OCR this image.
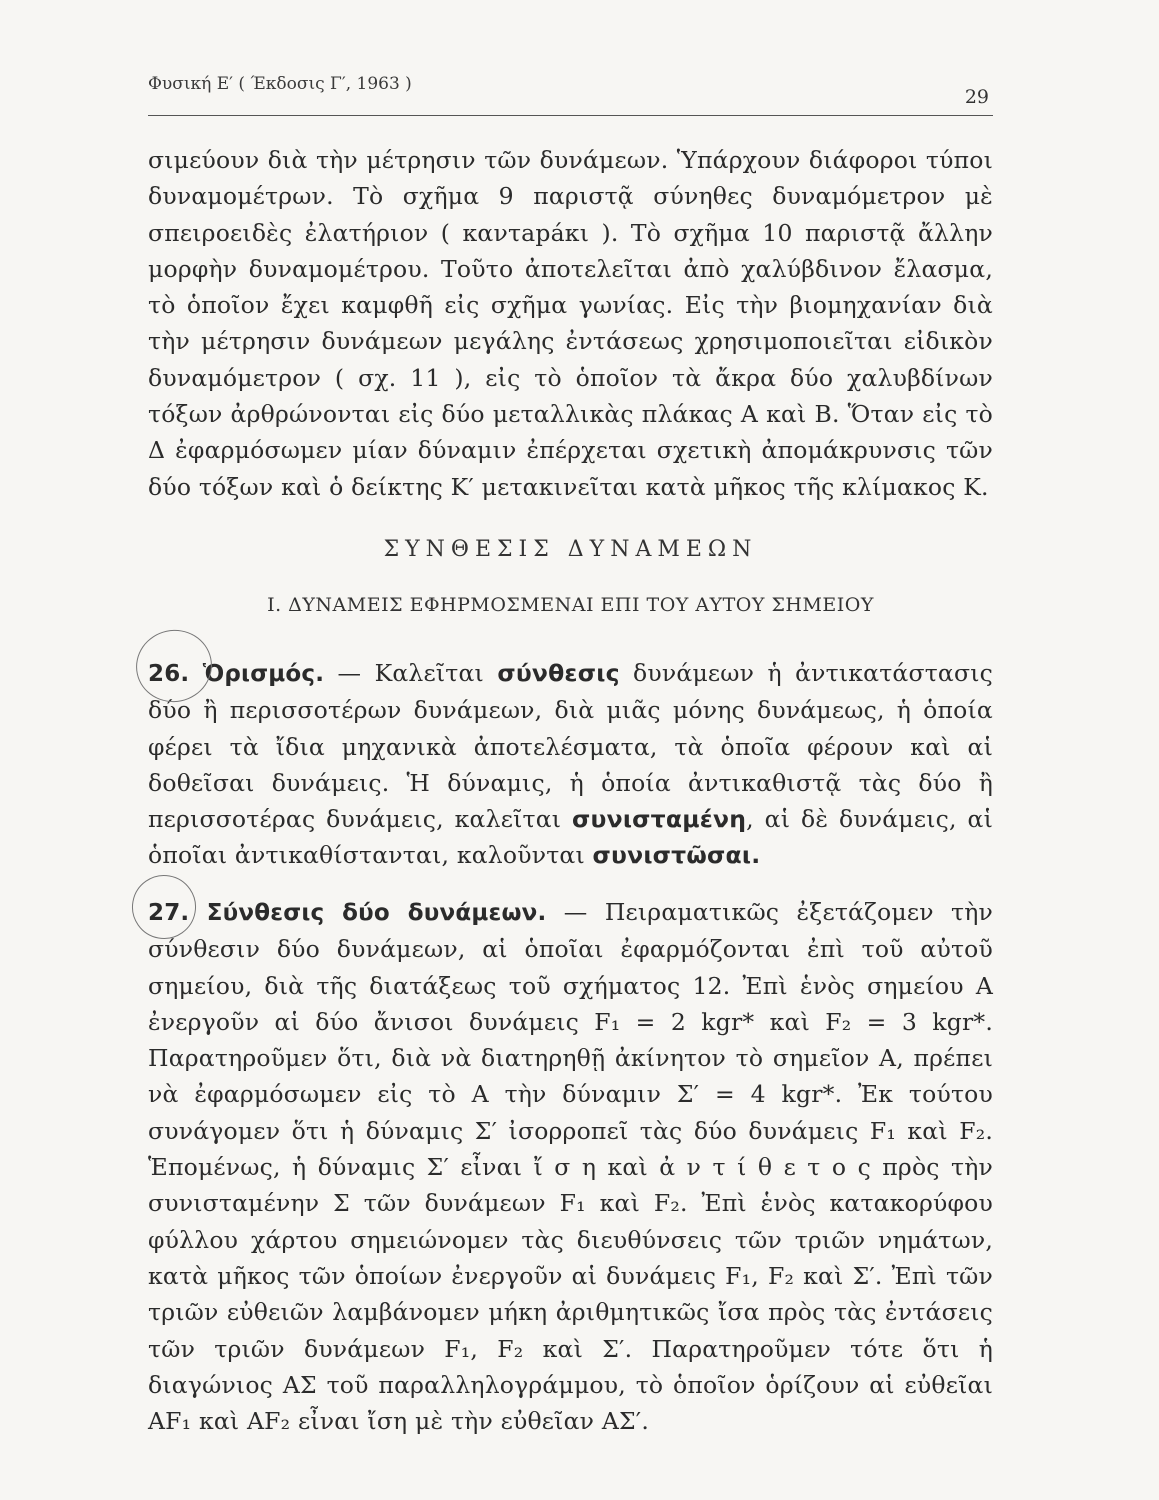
Φυσική Ε′ ( Έκδοσις Γ′, 1963 )
29

σιμεύουν διὰ τὴν μέτρησιν τῶν δυνάμεων. Ὑπάρχουν διάφοροι τύποι δυναμομέτρων. Τὸ σχῆμα 9 παριστᾷ σύνηθες δυναμόμετρον μὲ σπειροειδὲς ἐλατήριον ( καντарáκι ). Τὸ σχῆμα 10 παριστᾷ ἄλλην μορφὴν δυναμομέτρου. Τοῦτο ἀποτελεῖται ἀπὸ χαλύβδινον ἔλασμα, τὸ ὁποῖον ἔχει καμφθῆ εἰς σχῆμα γωνίας. Εἰς τὴν βιομηχανίαν διὰ τὴν μέτρησιν δυνάμεων μεγάλης ἐντάσεως χρησιμοποιεῖται εἰδικὸν δυναμόμετρον ( σχ. 11 ), εἰς τὸ ὁποῖον τὰ ἄκρα δύο χαλυβδίνων τόξων ἀρθρώνονται εἰς δύο μεταλλικὰς πλάκας Α καὶ Β. Ὅταν εἰς τὸ Δ ἐφαρμόσωμεν μίαν δύναμιν ἐπέρχεται σχετικὴ ἀπομάκρυνσις τῶν δύο τόξων καὶ ὁ δείκτης Κ′ μετακινεῖται κατὰ μῆκος τῆς κλίμακος Κ.

ΣΥΝΘΕΣΙΣ ΔΥΝΑΜΕΩΝ
Ι. ΔΥΝΑΜΕΙΣ ΕΦΗΡΜΟΣΜΕΝΑΙ ΕΠΙ ΤΟΥ ΑΥΤΟΥ ΣΗΜΕΙΟΥ

26. Ὁρισμός. — Καλεῖται σύνθεσις δυνάμεων ἡ ἀντικατάστασις δύο ἢ περισσοτέρων δυνάμεων, διὰ μιᾶς μόνης δυνάμεως, ἡ ὁποία φέρει τὰ ἴδια μηχανικὰ ἀποτελέσματα, τὰ ὁποῖα φέρουν καὶ αἱ δοθεῖσαι δυνάμεις. Ἡ δύναμις, ἡ ὁποία ἀντικαθιστᾷ τὰς δύο ἢ περισσοτέρας δυνάμεις, καλεῖται συνισταμένη, αἱ δὲ δυνάμεις, αἱ ὁποῖαι ἀντικαθίστανται, καλοῦνται συνιστῶσαι.

27. Σύνθεσις δύο δυνάμεων. — Πειραματικῶς ἐξετάζομεν τὴν σύνθεσιν δύο δυνάμεων, αἱ ὁποῖαι ἐφαρμόζονται ἐπὶ τοῦ αὐτοῦ σημείου, διὰ τῆς διατάξεως τοῦ σχήματος 12. Ἐπὶ ἑνὸς σημείου Α ἐνεργοῦν αἱ δύο ἄνισοι δυνάμεις F₁ = 2 kgr* καὶ F₂ = 3 kgr*. Παρατηροῦμεν ὅτι, διὰ νὰ διατηρηθῇ ἀκίνητον τὸ σημεῖον Α, πρέπει νὰ ἐφαρμόσωμεν εἰς τὸ Α τὴν δύναμιν Σ′ = 4 kgr*. Ἐκ τούτου συνάγομεν ὅτι ἡ δύναμις Σ′ ἰσορροπεῖ τὰς δύο δυνάμεις F₁ καὶ F₂. Ἑπομένως, ἡ δύναμις Σ′ εἶναι ἴ σ η καὶ ἀ ν τ ί θ ε τ ο ς πρὸς τὴν συνισταμένην Σ τῶν δυνάμεων F₁ καὶ F₂. Ἐπὶ ἑνὸς κατακορύφου φύλλου χάρτου σημειώνομεν τὰς διευθύνσεις τῶν τριῶν νημάτων, κατὰ μῆκος τῶν ὁποίων ἐνεργοῦν αἱ δυνάμεις F₁, F₂ καὶ Σ′. Ἐπὶ τῶν τριῶν εὐθειῶν λαμβάνομεν μήκη ἀριθμητικῶς ἴσα πρὸς τὰς ἐντάσεις τῶν τριῶν δυνάμεων F₁, F₂ καὶ Σ′. Παρατηροῦμεν τότε ὅτι ἡ διαγώνιος ΑΣ τοῦ παραλληλογράμμου, τὸ ὁποῖον ὁρίζουν αἱ εὐθεῖαι ΑF₁ καὶ ΑF₂ εἶναι ἴση μὲ τὴν εὐθεῖαν ΑΣ′.
